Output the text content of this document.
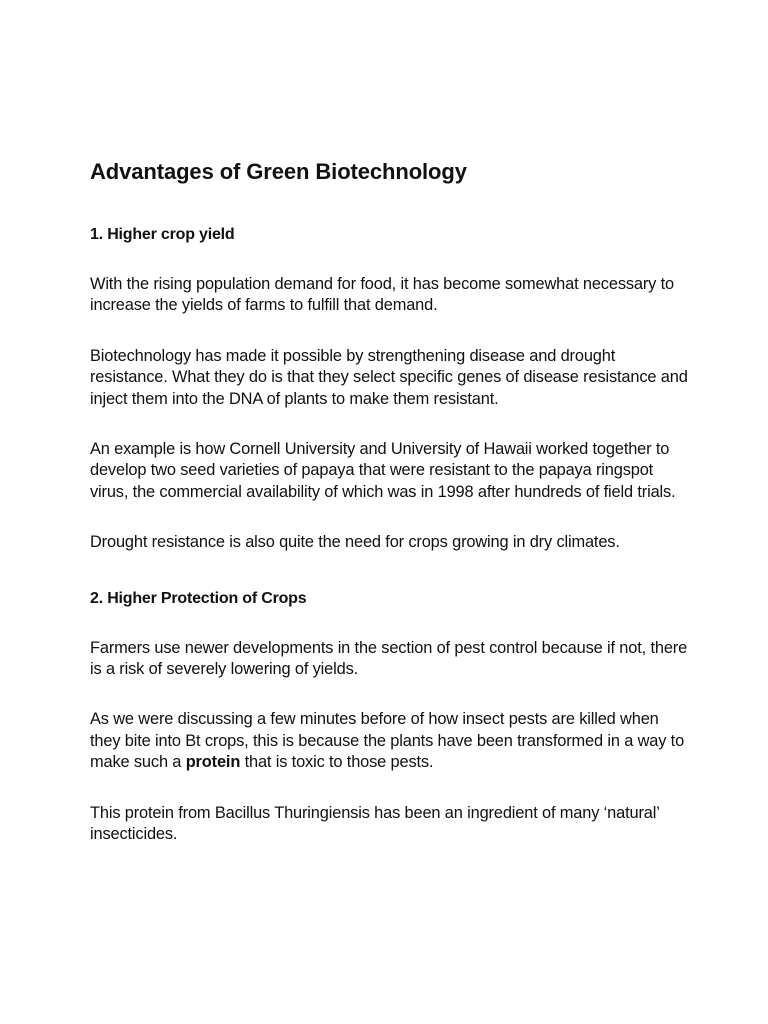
Advantages of Green Biotechnology
1. Higher crop yield

With the rising population demand for food, it has become somewhat necessary to increase the yields of farms to fulfill that demand.

Biotechnology has made it possible by strengthening disease and drought resistance. What they do is that they select specific genes of disease resistance and inject them into the DNA of plants to make them resistant.

An example is how Cornell University and University of Hawaii worked together to develop two seed varieties of papaya that were resistant to the papaya ringspot virus, the commercial availability of which was in 1998 after hundreds of field trials.

Drought resistance is also quite the need for crops growing in dry climates.

2. Higher Protection of Crops

Farmers use newer developments in the section of pest control because if not, there is a risk of severely lowering of yields.

As we were discussing a few minutes before of how insect pests are killed when they bite into Bt crops, this is because the plants have been transformed in a way to make such a protein that is toxic to those pests.

This protein from Bacillus Thuringiensis has been an ingredient of many ‘natural’ insecticides.
